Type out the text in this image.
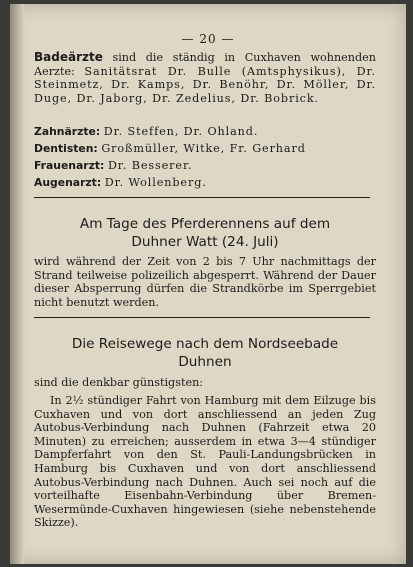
— 20 —
Badeärzte sind die ständig in Cuxhaven wohnenden Aerzte: Sanitätsrat Dr. Bulle (Amtsphysikus), Dr. Steinmetz, Dr. Kamps, Dr. Benöhr, Dr. Möller, Dr. Duge, Dr. Jaborg, Dr. Zedelius, Dr. Bobrick.
Zahnärzte: Dr. Steffen, Dr. Ohland.
Dentisten: Großmüller, Witke, Fr. Gerhard
Frauenarzt: Dr. Besserer.
Augenarzt: Dr. Wollenberg.
Am Tage des Pferderennens auf dem
Duhner Watt (24. Juli)
wird während der Zeit von 2 bis 7 Uhr nachmittags der Strand teilweise polizeilich abgesperrt. Während der Dauer dieser Absperrung dürfen die Strandkörbe im Sperrgebiet nicht benutzt werden.
Die Reisewege nach dem Nordseebade
Duhnen
sind die denkbar günstigsten:
In 2½ stündiger Fahrt von Hamburg mit dem Eilzuge bis Cuxhaven und von dort anschliessend an jeden Zug Autobus-Verbindung nach Duhnen (Fahrzeit etwa 20 Minuten) zu erreichen; ausserdem in etwa 3—4 stündiger Dampferfahrt von den St. Pauli-Landungsbrücken in Hamburg bis Cuxhaven und von dort anschliessend Autobus-Verbindung nach Duhnen. Auch sei noch auf die vorteilhafte Eisenbahn-Verbindung über Bremen-Wesermünde-Cuxhaven hingewiesen (siehe nebenstehende Skizze).
